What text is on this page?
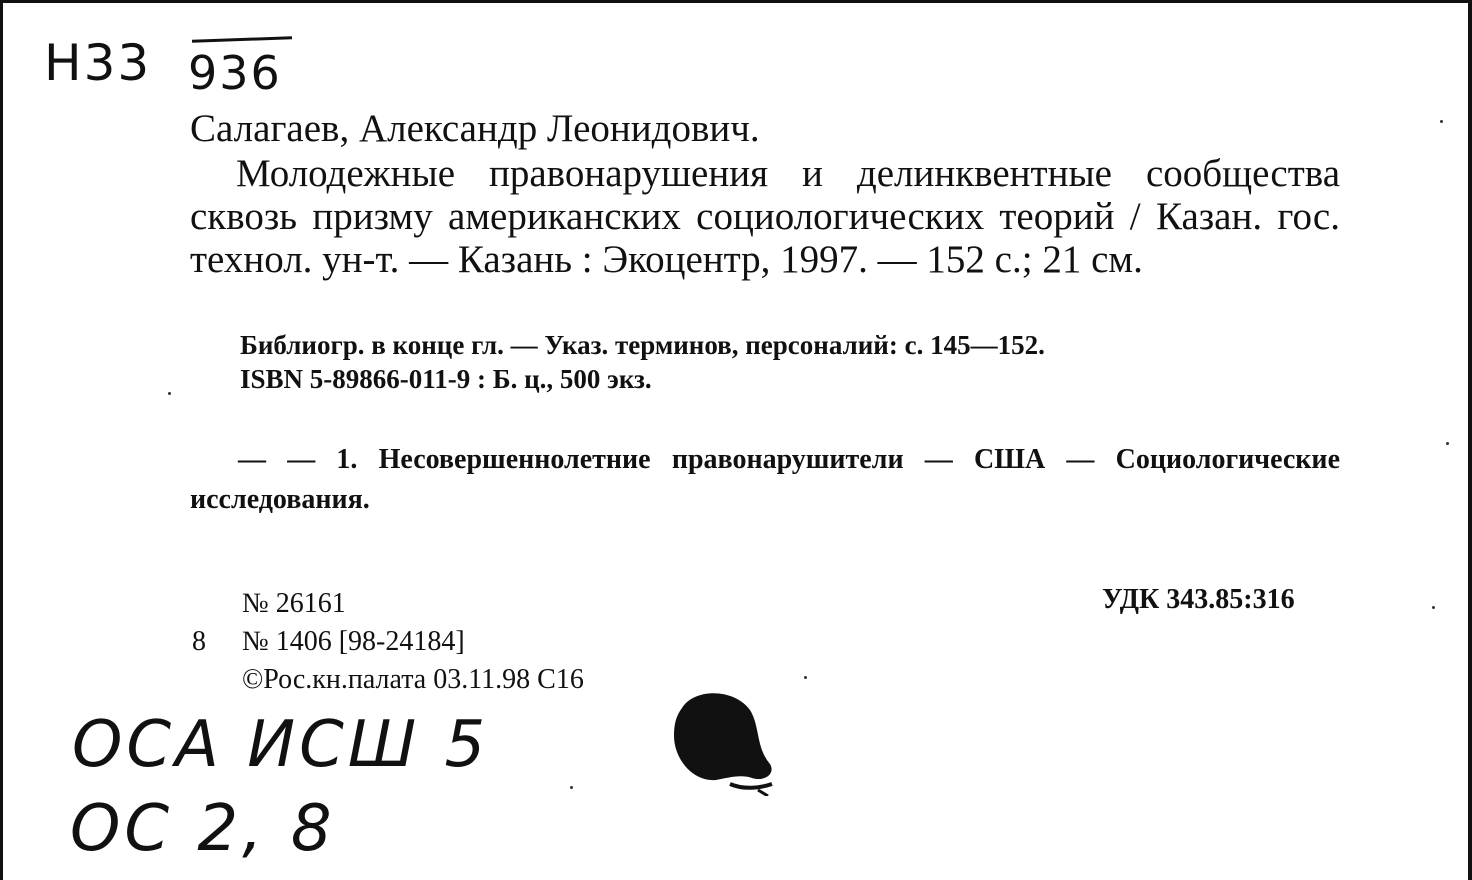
Н33 936
Салагаев, Александр Леонидович.
Молодежные правонарушения и делинквентные сообщества сквозь призму американских социологических теорий / Казан. гос. технол. ун-т. — Казань : Экоцентр, 1997. — 152 с.; 21 см.
Библиогр. в конце гл. — Указ. терминов, персоналий: с. 145—152.
ISBN 5-89866-011-9 : Б. ц., 500 экз.
— — 1. Несовершеннолетние правонарушители — США — Социологические исследования.
№ 26161
8 № 1406 [98-24184]
©Рос.кн.палата 03.11.98 С16
УДК 343.85:316
ОСА ИСШ 5
ОС 2, 8
